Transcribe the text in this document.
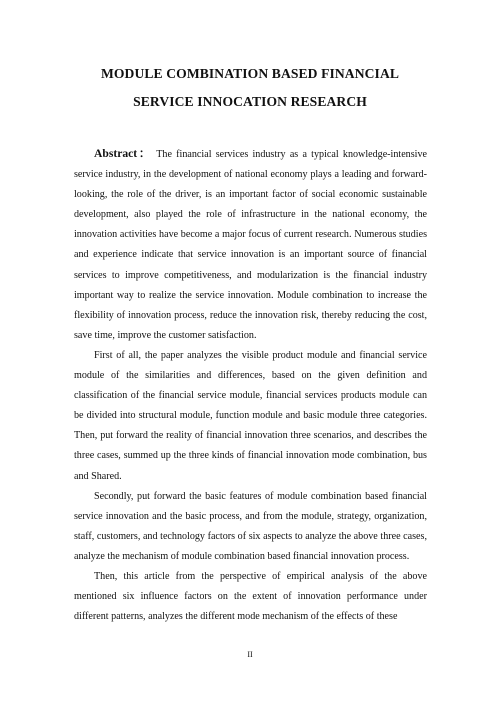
MODULE COMBINATION BASED FINANCIAL
SERVICE INNOCATION RESEARCH

Abstract： The financial services industry as a typical knowledge-intensive service industry, in the development of national economy plays a leading and forward-looking, the role of the driver, is an important factor of social economic sustainable development, also played the role of infrastructure in the national economy, the innovation activities have become a major focus of current research. Numerous studies and experience indicate that service innovation is an important source of financial services to improve competitiveness, and modularization is the financial industry important way to realize the service innovation. Module combination to increase the flexibility of innovation process, reduce the innovation risk, thereby reducing the cost, save time, improve the customer satisfaction.

First of all, the paper analyzes the visible product module and financial service module of the similarities and differences, based on the given definition and classification of the financial service module, financial services products module can be divided into structural module, function module and basic module three categories. Then, put forward the reality of financial innovation three scenarios, and describes the three cases, summed up the three kinds of financial innovation mode combination, bus and Shared.

Secondly, put forward the basic features of module combination based financial service innovation and the basic process, and from the module, strategy, organization, staff, customers, and technology factors of six aspects to analyze the above three cases, analyze the mechanism of module combination based financial innovation process.

Then, this article from the perspective of empirical analysis of the above mentioned six influence factors on the extent of innovation performance under different patterns, analyzes the different mode mechanism of the effects of these

II
